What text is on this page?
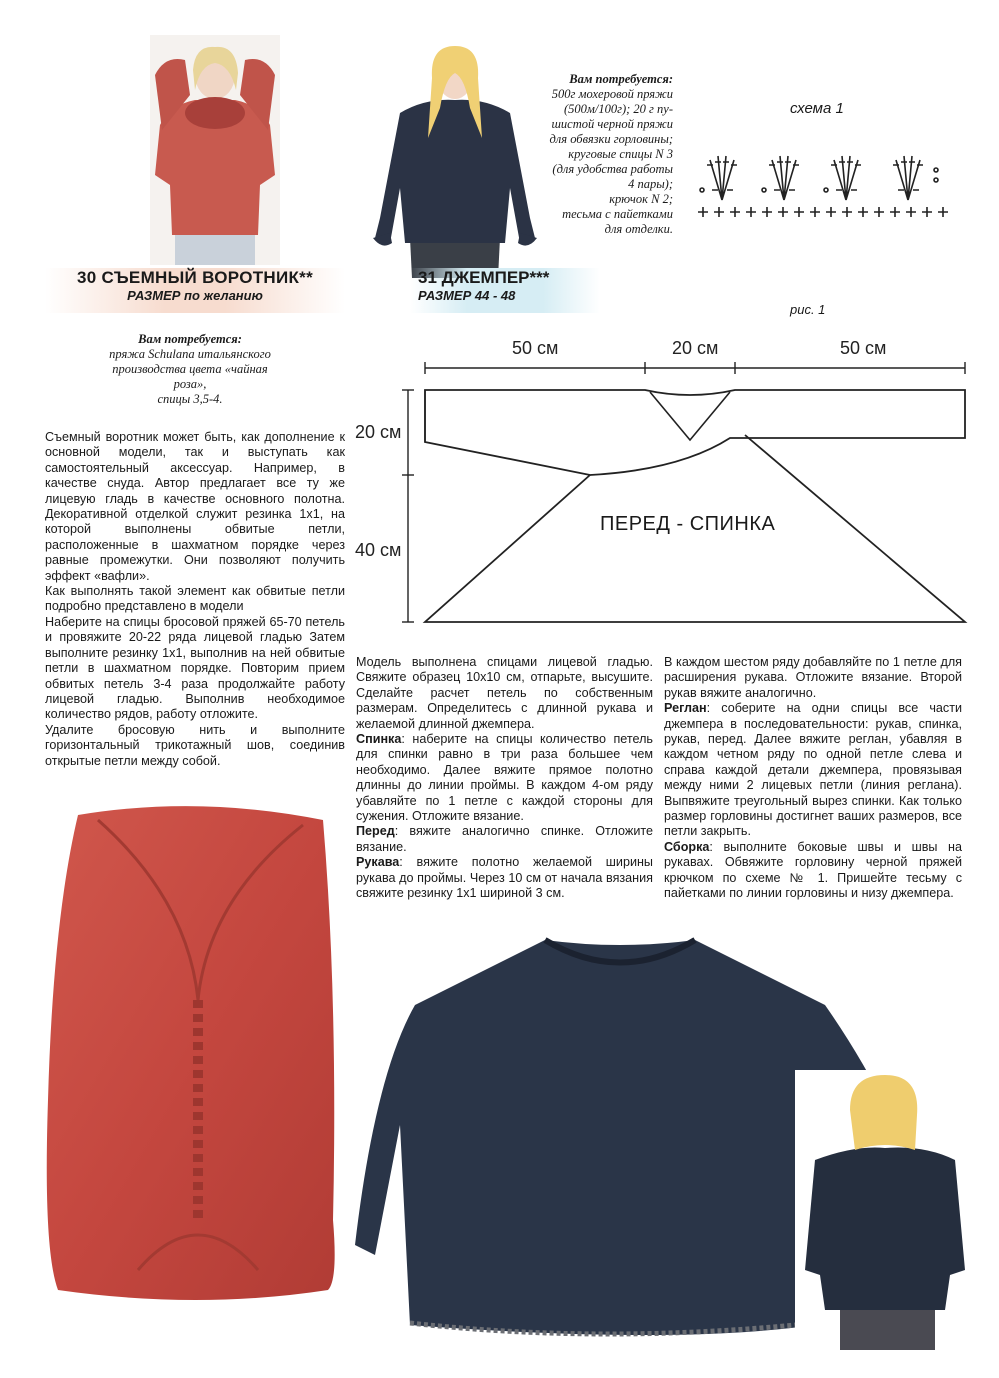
Вам потребуется:
500г мохеровой пряжи
(500м/100г); 20 г пу-
шистой черной пряжи
для обвязки горловины;
круговые спицы N 3
(для удобства работы
4 пары);
крючок N 2;
тесьма с пайетками
для отделки.
схема 1
30 СЪЕМНЫЙ ВОРОТНИК**
РАЗМЕР по желанию
31 ДЖЕМПЕР***
РАЗМЕР 44 - 48
Вам потребуется:
пряжа Schulana итальянского
производства цвета «чайная
роза»,
спицы 3,5-4.

Съемный воротник может быть, как дополнение к основной модели, так и выступать как самостоятельный аксессуар. Например, в качестве снуда. Автор предлагает все ту же лицевую гладь в качестве основного полотна. Декоративной отделкой служит резинка 1х1, на которой выполнены обвитые петли, расположенные в шахматном порядке через равные промежутки. Они позволяют получить эффект «вафли».

Как выполнять такой элемент как обвитые петли подробно представлено в модели

Наберите на спицы бросовой пряжей 65-70 петель и провяжите 20-22 ряда лицевой гладью Затем выполните резинку 1х1, выполнив на ней обвитые петли в шахматном порядке. Повторим прием обвитых петель 3-4 раза продолжайте работу лицевой гладью. Выполнив необходимое количество рядов, работу отложите.

Удалите бросовую нить и выполните горизонтальный трикотажный шов, соединив открытые петли между собой.

рис. 1
50 см	20 см	50 см
20 см
40 см
ПЕРЕД - СПИНКА

Модель выполнена спицами лицевой гладью. Свяжите образец 10х10 см, отпарьте, высушите. Сделайте расчет петель по собственным размерам. Определитесь с длинной рукава и желаемой длинной джемпера.

Спинка: наберите на спицы количество петель для спинки равно в три раза большее чем необходимо. Далее вяжите прямое полотно длинны до линии проймы. В каждом 4-ом ряду убавляйте по 1 петле с каждой стороны для сужения. Отложите вязание.

Перед: вяжите аналогично спинке. Отложите вязание.

Рукава: вяжите полотно желаемой ширины рукава до проймы. Через 10 см от начала вязания свяжите резинку 1х1 шириной 3 см.

В каждом шестом ряду добавляйте по 1 петле для расширения рукава. Отложите вязание. Второй рукав вяжите аналогично.

Реглан: соберите на одни спицы все части джемпера в последовательности: рукав, спинка, рукав, перед. Далее вяжите реглан, убавляя в каждом четном ряду по одной петле слева и справа каждой детали джемпера, провязывая между ними 2 лицевых петли (линия реглана). Выпвяжите треугольный вырез спинки. Как только размер горловины достигнет ваших размеров, все петли закрыть.

Сборка: выполните боковые швы и швы на рукавах. Обвяжите горловину черной пряжей крючком по схеме № 1. Пришейте тесьму с пайетками по линии горловины и низу джемпера.
